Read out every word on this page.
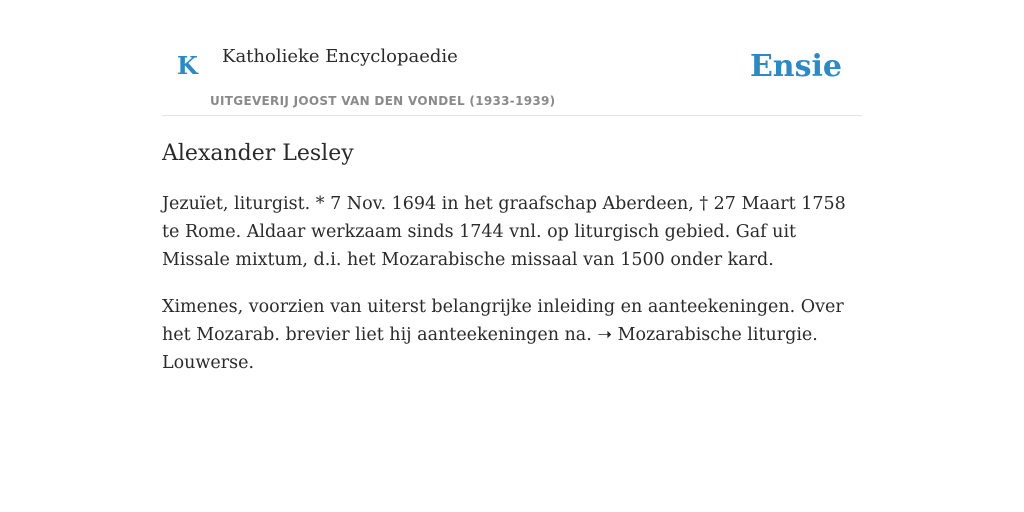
K Katholieke Encyclopaedie
UITGEVERIJ JOOST VAN DEN VONDEL (1933-1939)
Ensie
Alexander Lesley

Jezuïet, liturgist. * 7 Nov. 1694 in het graafschap Aberdeen, † 27 Maart 1758 te Rome. Aldaar werkzaam sinds 1744 vnl. op liturgisch gebied. Gaf uit Missale mixtum, d.i. het Mozarabische missaal van 1500 onder kard.

Ximenes, voorzien van uiterst belangrijke inleiding en aanteekeningen. Over het Mozarab. brevier liet hij aanteekeningen na. ➝ Mozarabische liturgie. Louwerse.
